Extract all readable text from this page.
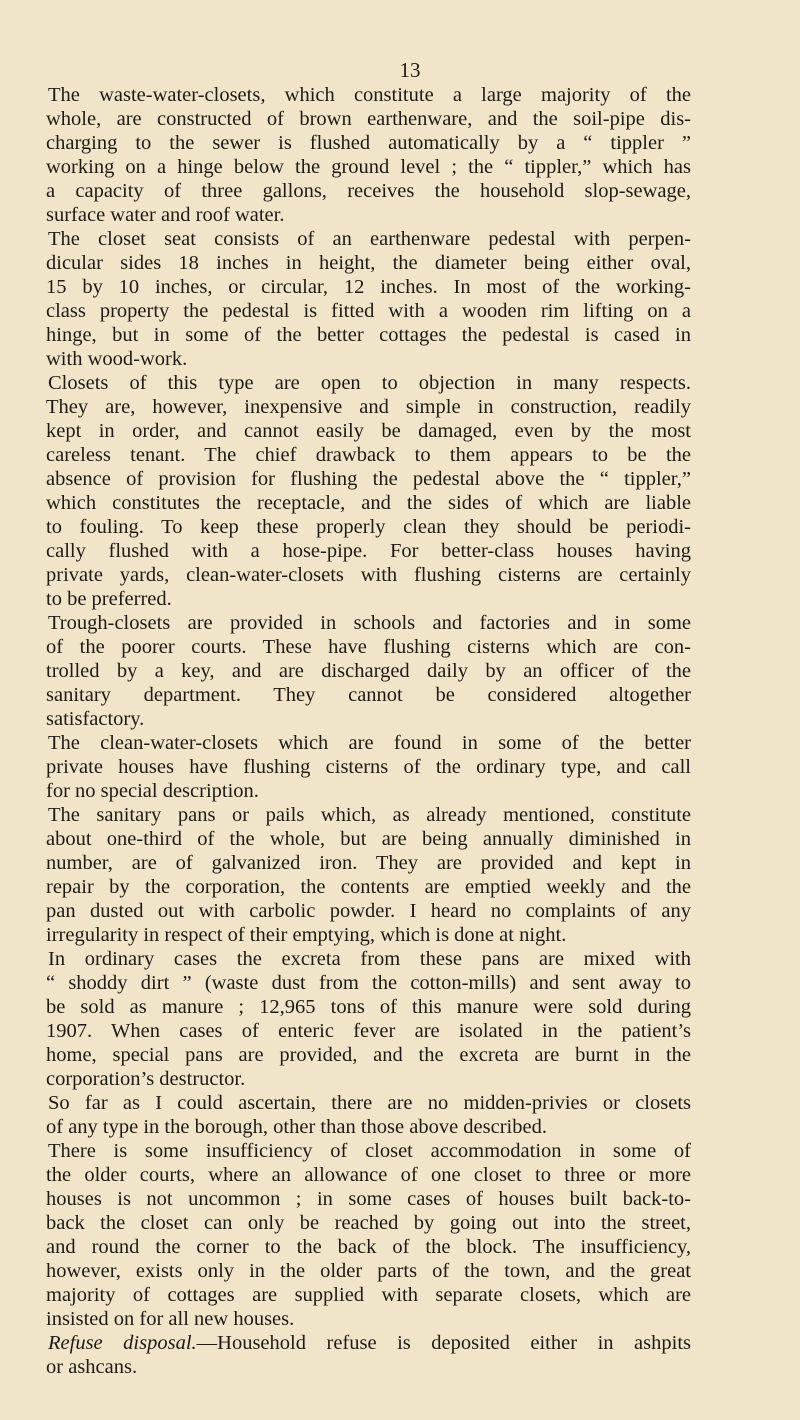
13
The waste-water-closets, which constitute a large majority of the
whole, are constructed of brown earthenware, and the soil-pipe dis-
charging to the sewer is flushed automatically by a “ tippler ”
working on a hinge below the ground level ; the “ tippler,” which has
a capacity of three gallons, receives the household slop-sewage,
surface water and roof water.
The closet seat consists of an earthenware pedestal with perpen-
dicular sides 18 inches in height, the diameter being either oval,
15 by 10 inches, or circular, 12 inches. In most of the working-
class property the pedestal is fitted with a wooden rim lifting on a
hinge, but in some of the better cottages the pedestal is cased in
with wood-work.
Closets of this type are open to objection in many respects.
They are, however, inexpensive and simple in construction, readily
kept in order, and cannot easily be damaged, even by the most
careless tenant. The chief drawback to them appears to be the
absence of provision for flushing the pedestal above the “ tippler,”
which constitutes the receptacle, and the sides of which are liable
to fouling. To keep these properly clean they should be periodi-
cally flushed with a hose-pipe. For better-class houses having
private yards, clean-water-closets with flushing cisterns are certainly
to be preferred.
Trough-closets are provided in schools and factories and in some
of the poorer courts. These have flushing cisterns which are con-
trolled by a key, and are discharged daily by an officer of the
sanitary department. They cannot be considered altogether
satisfactory.
The clean-water-closets which are found in some of the better
private houses have flushing cisterns of the ordinary type, and call
for no special description.
The sanitary pans or pails which, as already mentioned, constitute
about one-third of the whole, but are being annually diminished in
number, are of galvanized iron. They are provided and kept in
repair by the corporation, the contents are emptied weekly and the
pan dusted out with carbolic powder. I heard no complaints of any
irregularity in respect of their emptying, which is done at night.
In ordinary cases the excreta from these pans are mixed with
“ shoddy dirt ” (waste dust from the cotton-mills) and sent away to
be sold as manure ; 12,965 tons of this manure were sold during
1907. When cases of enteric fever are isolated in the patient’s
home, special pans are provided, and the excreta are burnt in the
corporation’s destructor.
So far as I could ascertain, there are no midden-privies or closets
of any type in the borough, other than those above described.
There is some insufficiency of closet accommodation in some of
the older courts, where an allowance of one closet to three or more
houses is not uncommon ; in some cases of houses built back-to-
back the closet can only be reached by going out into the street,
and round the corner to the back of the block. The insufficiency,
however, exists only in the older parts of the town, and the great
majority of cottages are supplied with separate closets, which are
insisted on for all new houses.
Refuse disposal.—Household refuse is deposited either in ashpits
or ashcans.
